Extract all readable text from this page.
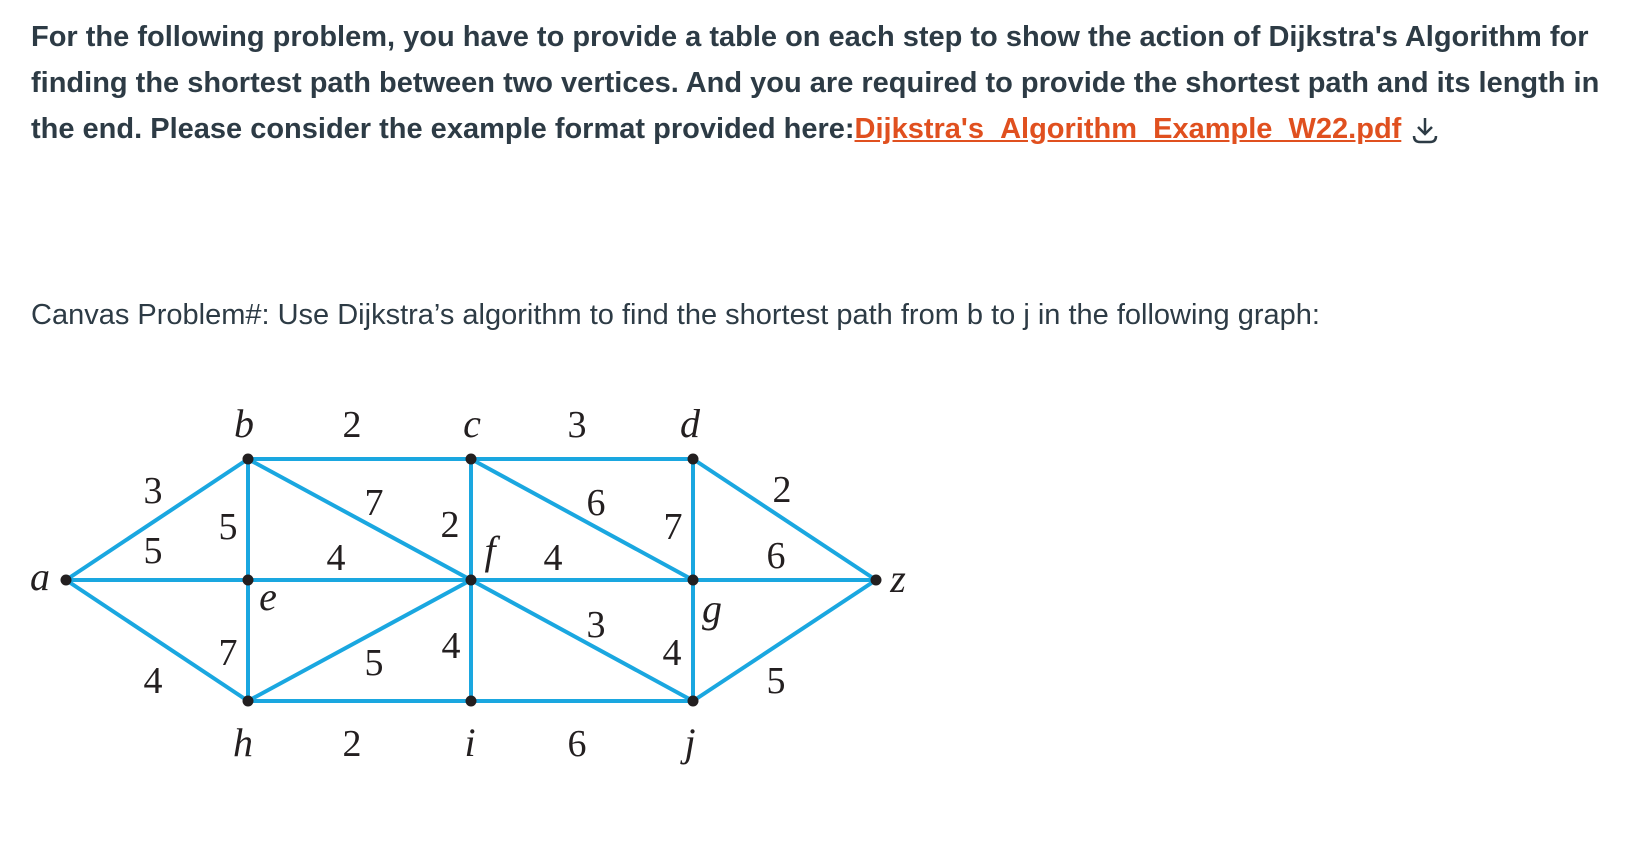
For the following problem, you have to provide a table on each step to show the action of Dijkstra's Algorithm for finding the shortest path between two vertices. And you are required to provide the shortest path and its length in the end. Please consider the example format provided here:Dijkstra's_Algorithm_Example_W22.pdf

Canvas Problem#: Use Dijkstra’s algorithm to find the shortest path from b to j in the following graph:

3
5
4
2
5
7
3
2
6
7
2
4
7
4
5 4	3
4
6
2	6
5
a
b	c	d
e
f
g
h	i	j
z
